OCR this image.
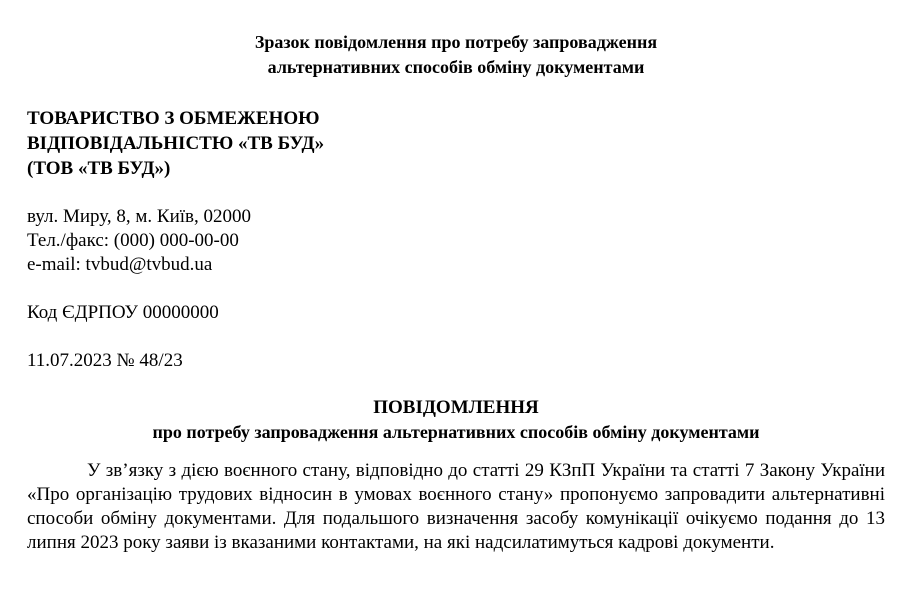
Зразок повідомлення про потребу запровадження
альтернативних способів обміну документами
ТОВАРИСТВО З ОБМЕЖЕНОЮ
ВІДПОВІДАЛЬНІСТЮ «ТВ БУД»
(ТОВ «ТВ БУД»)
вул. Миру, 8, м. Київ, 02000
Тел./факс: (000) 000-00-00
e-mail: tvbud@tvbud.ua
Код ЄДРПОУ 00000000
11.07.2023 № 48/23
ПОВІДОМЛЕННЯ
про потребу запровадження альтернативних способів обміну документами
У зв’язку з дією воєнного стану, відповідно до статті 29 КЗпП України та статті 7 Закону України «Про організацію трудових відносин в умовах воєнного стану» пропонуємо запровадити альтернативні способи обміну документами. Для подальшого визначення засобу комунікації очікуємо подання до 13 липня 2023 року заяви із вказаними контактами, на які надсилатимуться кадрові документи.
